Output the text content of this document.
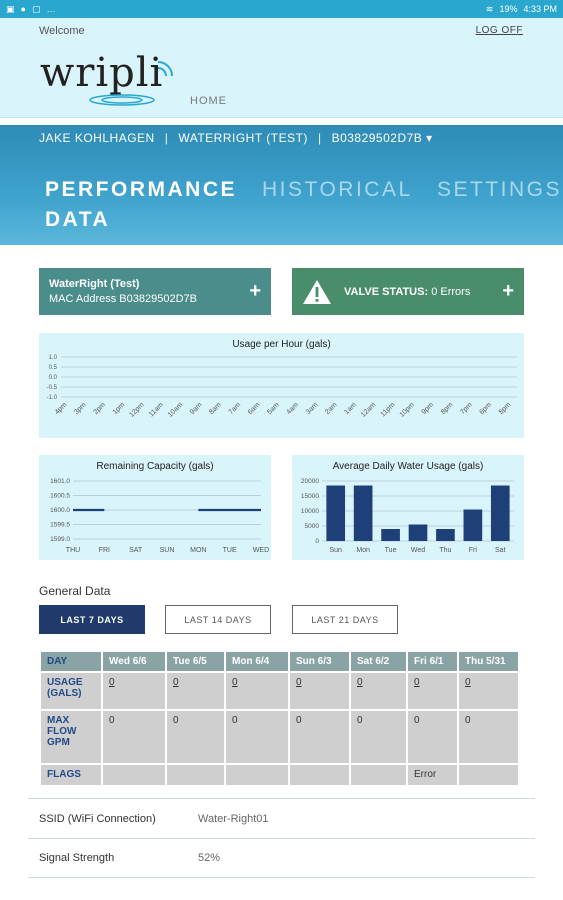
▣ ● ▢ …	≋ 19% 4:33 PM
Welcome	LOG OFF
wripli
HOME
JAKE KOHLHAGEN | WATERRIGHT (TEST) | B03829502D7B ▾
PERFORMANCE DATA
HISTORICAL SETTINGS
WaterRight (Test)
MAC Address B03829502D7B	+	VALVE STATUS: 0 Errors +
Usage per Hour (gals)
1.0
0.5
0.0
-0.5
-1.0
4pm 3pm 2pm 1pm 12pm 11am 10am 9am 8am 7am 6am 5am 4am 3am 2am 1am 12am 11pm 10pm 9pm 8pm 7pm 6pm 5pm
Remaining Capacity (gals)
1601.0
1600.5
1600.0
1599.5
1599.0
THU	FRI	SAT SUN MON TUE WED
Average Daily Water Usage (gals)
20000
15000
10000
5000
0
Sun Mon Tue Wed Thu Fri	Sat
General Data
LAST 7 DAYS	LAST 14 DAYS	LAST 21 DAYS
DAY	Wed 6/6	Tue 6/5	Mon 6/4	Sun 6/3	Sat 6/2	Fri 6/1	Thu 5/31
USAGE (GALS)	0	0	0	0	0	0	0
MAX FLOW GPM	0	0	0	0	0	0	0
FLAGS						Error	
SSID (WiFi Connection)	Water-Right01
Signal Strength	52%
